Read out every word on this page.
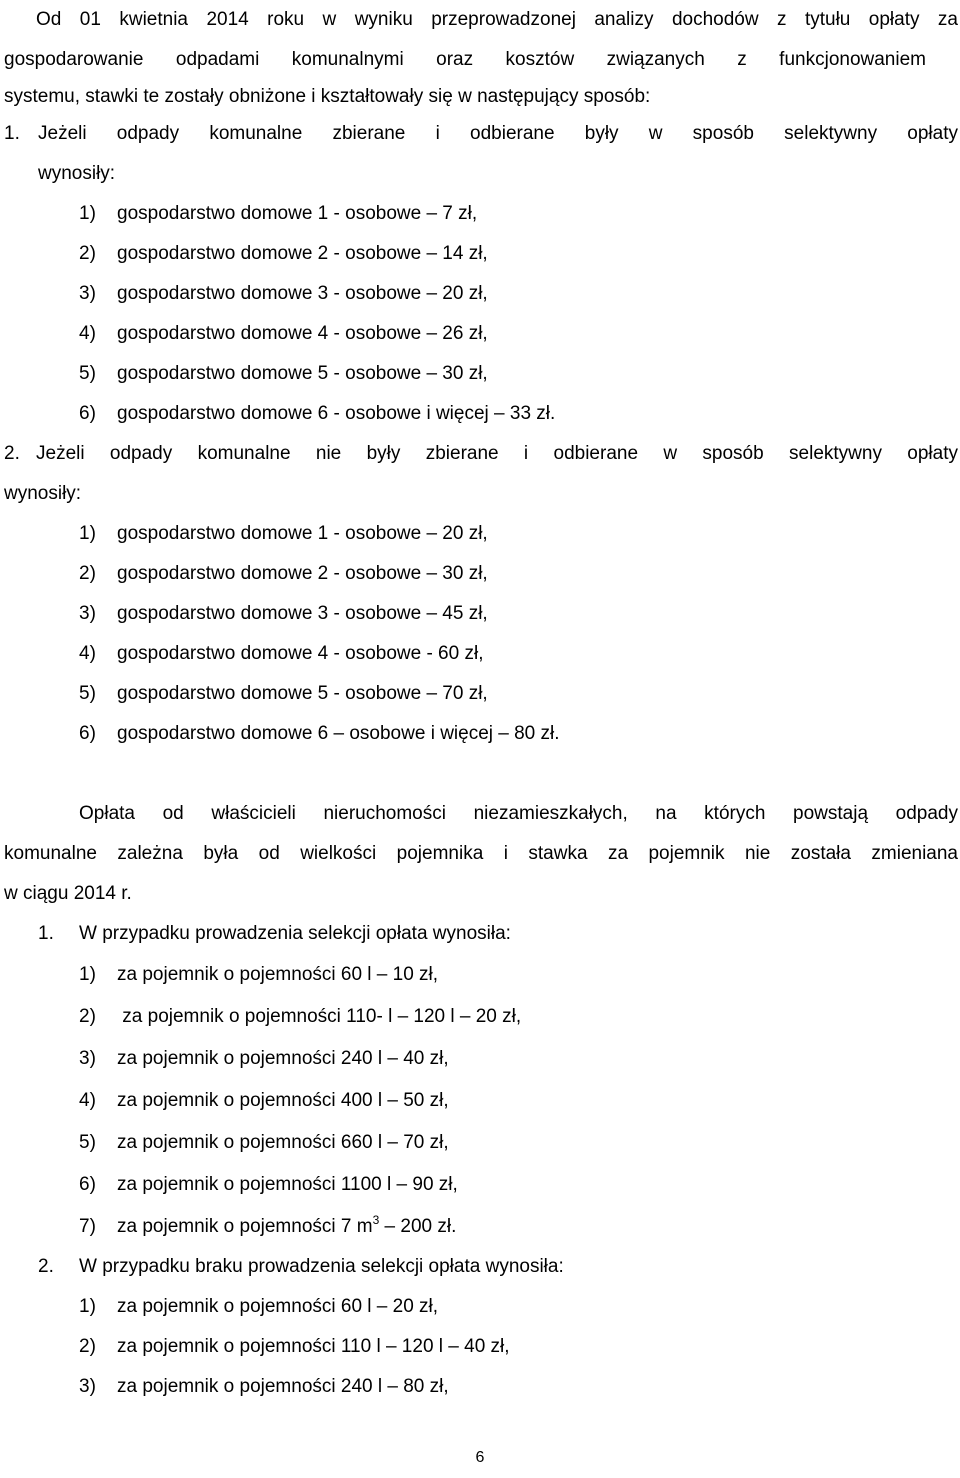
Od 01 kwietnia 2014 roku w wyniku przeprowadzonej analizy dochodów z tytułu opłaty za
gospodarowanie odpadami komunalnymi oraz kosztów związanych z funkcjonowaniem
systemu, stawki te zostały obniżone i kształtowały się w następujący sposób:
1. Jeżeli odpady komunalne zbierane i odbierane były w sposób selektywny opłaty
wynosiły:
1) gospodarstwo domowe 1 - osobowe – 7 zł,
2) gospodarstwo domowe 2 - osobowe – 14 zł,
3) gospodarstwo domowe 3 - osobowe – 20 zł,
4) gospodarstwo domowe 4 - osobowe – 26 zł,
5) gospodarstwo domowe 5 - osobowe – 30 zł,
6) gospodarstwo domowe 6 - osobowe i więcej – 33 zł.
2. Jeżeli odpady komunalne nie były zbierane i odbierane w sposób selektywny opłaty
wynosiły:
1) gospodarstwo domowe 1 - osobowe – 20 zł,
2) gospodarstwo domowe 2 - osobowe – 30 zł,
3) gospodarstwo domowe 3 - osobowe – 45 zł,
4) gospodarstwo domowe 4 - osobowe - 60 zł,
5) gospodarstwo domowe 5 - osobowe – 70 zł,
6) gospodarstwo domowe 6 – osobowe i więcej – 80 zł.
Opłata od właścicieli nieruchomości niezamieszkałych, na których powstają odpady
komunalne zależna była od wielkości pojemnika i stawka za pojemnik nie została zmieniana
w ciągu 2014 r.
1. W przypadku prowadzenia selekcji opłata wynosiła:
1) za pojemnik o pojemności 60 l – 10 zł,
2) za pojemnik o pojemności 110- l – 120 l – 20 zł,
3) za pojemnik o pojemności 240 l – 40 zł,
4) za pojemnik o pojemności 400 l – 50 zł,
5) za pojemnik o pojemności 660 l – 70 zł,
6) za pojemnik o pojemności 1100 l – 90 zł,
7) za pojemnik o pojemności 7 $m^3 - 200$ zł.
2. W przypadku braku prowadzenia selekcji opłata wynosiła:
1) za pojemnik o pojemności 60 l – 20 zł,
2) za pojemnik o pojemności 110 l – 120 l – 40 zł,
3) za pojemnik o pojemności 240 l – 80 zł,
6
